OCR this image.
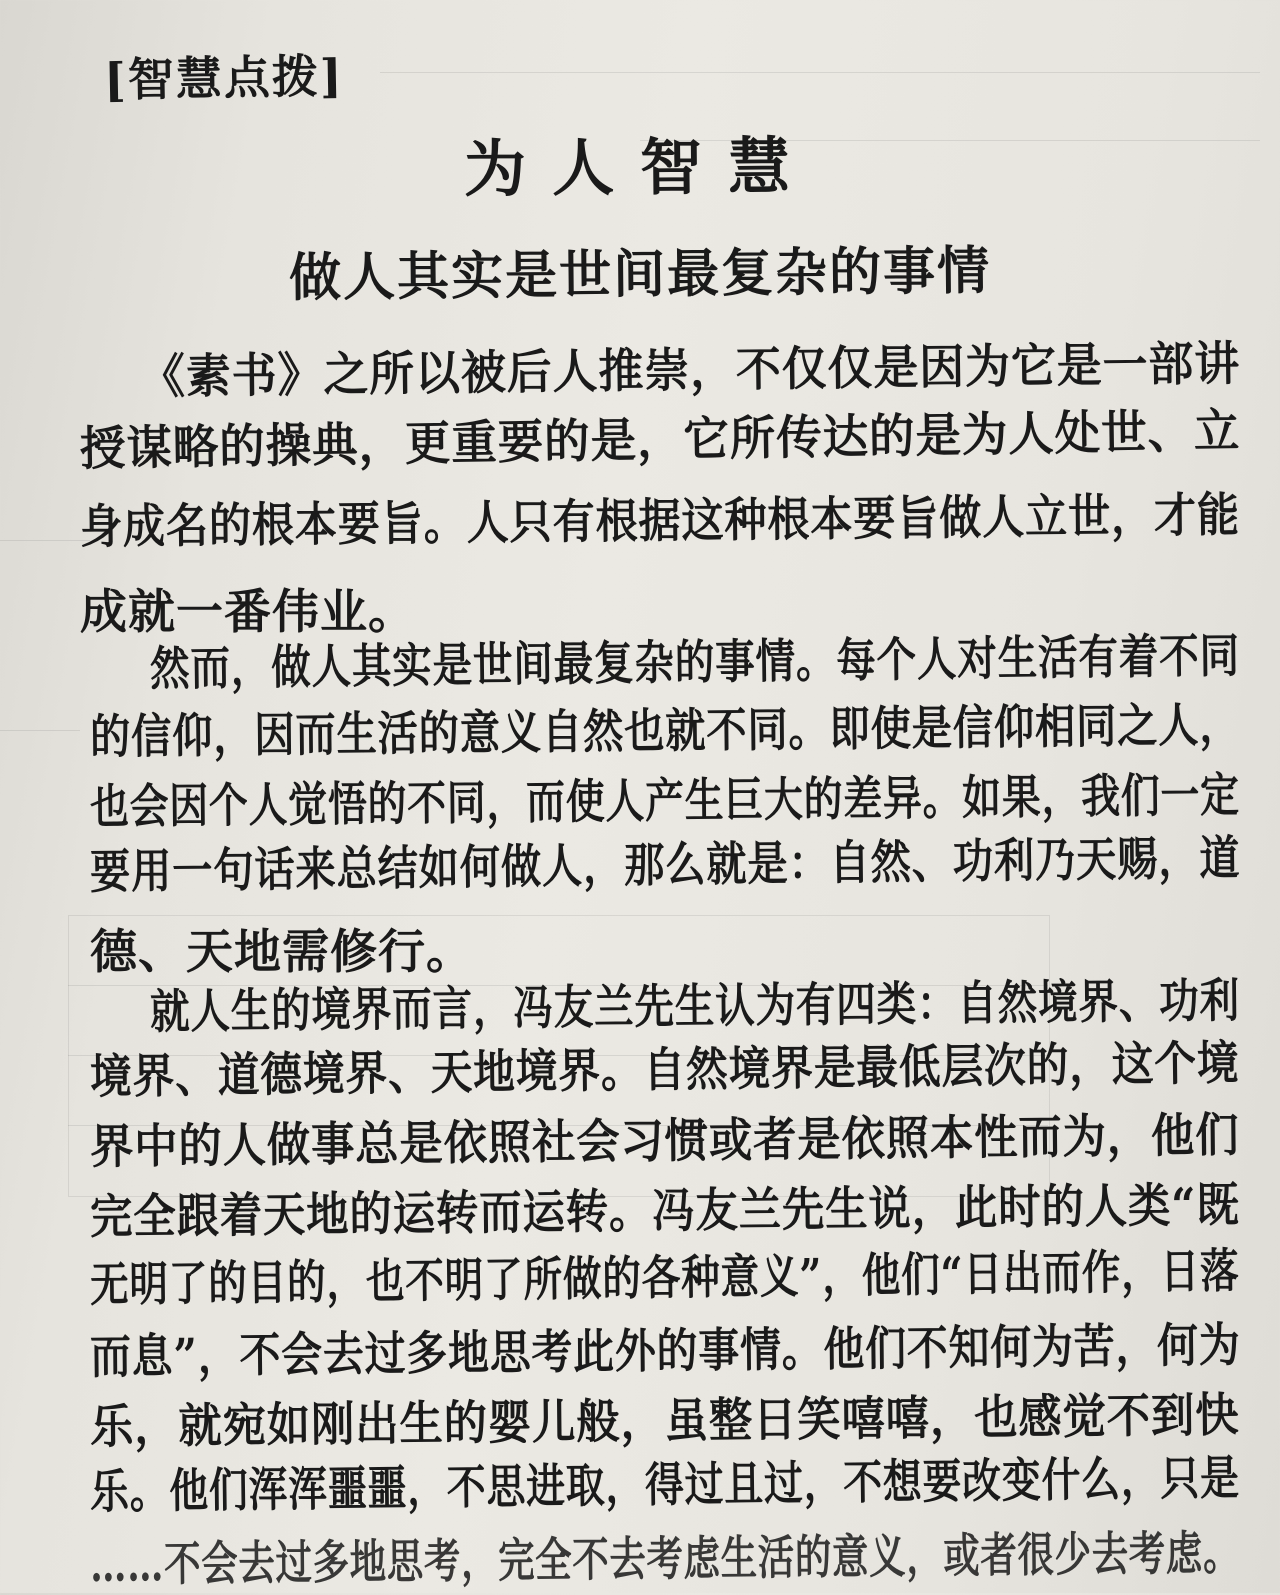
[智慧点拨]
为人智慧
做人其实是世间最复杂的事情
《素书》之所以被后人推崇，不仅仅是因为它是一部讲
授谋略的操典，更重要的是，它所传达的是为人处世、立
身成名的根本要旨。人只有根据这种根本要旨做人立世，才能
成就一番伟业。
然而，做人其实是世间最复杂的事情。每个人对生活有着不同
的信仰，因而生活的意义自然也就不同。即使是信仰相同之人，
也会因个人觉悟的不同，而使人产生巨大的差异。如果，我们一定
要用一句话来总结如何做人，那么就是：自然、功利乃天赐，道
德、天地需修行。
就人生的境界而言，冯友兰先生认为有四类：自然境界、功利
境界、道德境界、天地境界。自然境界是最低层次的，这个境
界中的人做事总是依照社会习惯或者是依照本性而为，他们
完全跟着天地的运转而运转。冯友兰先生说，此时的人类“既
无明了的目的，也不明了所做的各种意义”，他们“日出而作，日落
而息”，不会去过多地思考此外的事情。他们不知何为苦，何为
乐，就宛如刚出生的婴儿般，虽整日笑嘻嘻，也感觉不到快
乐。他们浑浑噩噩，不思进取，得过且过，不想要改变什么，只是
……不会去过多地思考，完全不去考虑生活的意义，或者很少去考虑。
